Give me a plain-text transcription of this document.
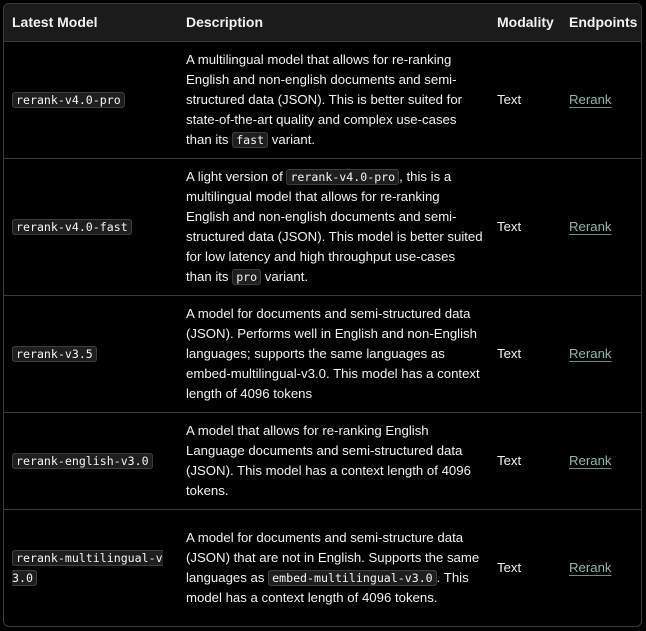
Latest Model	Description	Modality	Endpoints
rerank-v4.0-pro	A multilingual model that allows for re-ranking English and non-english documents and semi-structured data (JSON). This is better suited for state-of-the-art quality and complex use-cases than its fast variant.	Text	Rerank
rerank-v4.0-fast	A light version of rerank-v4.0-pro , this is a multilingual model that allows for re-ranking English and non-english documents and semi-structured data (JSON). This model is better suited for low latency and high throughput use-cases than its pro variant.	Text	Rerank
rerank-v3.5	A model for documents and semi-structured data (JSON). Performs well in English and non-English languages; supports the same languages as embed-multilingual-v3.0. This model has a context length of 4096 tokens	Text	Rerank
rerank-english-v3.0	A model that allows for re-ranking English Language documents and semi-structured data (JSON). This model has a context length of 4096 tokens.	Text	Rerank
rerank-multilingual-v3.0	A model for documents and semi-structure data (JSON) that are not in English. Supports the same languages as embed-multilingual-v3.0 . This model has a context length of 4096 tokens.	Text	Rerank
